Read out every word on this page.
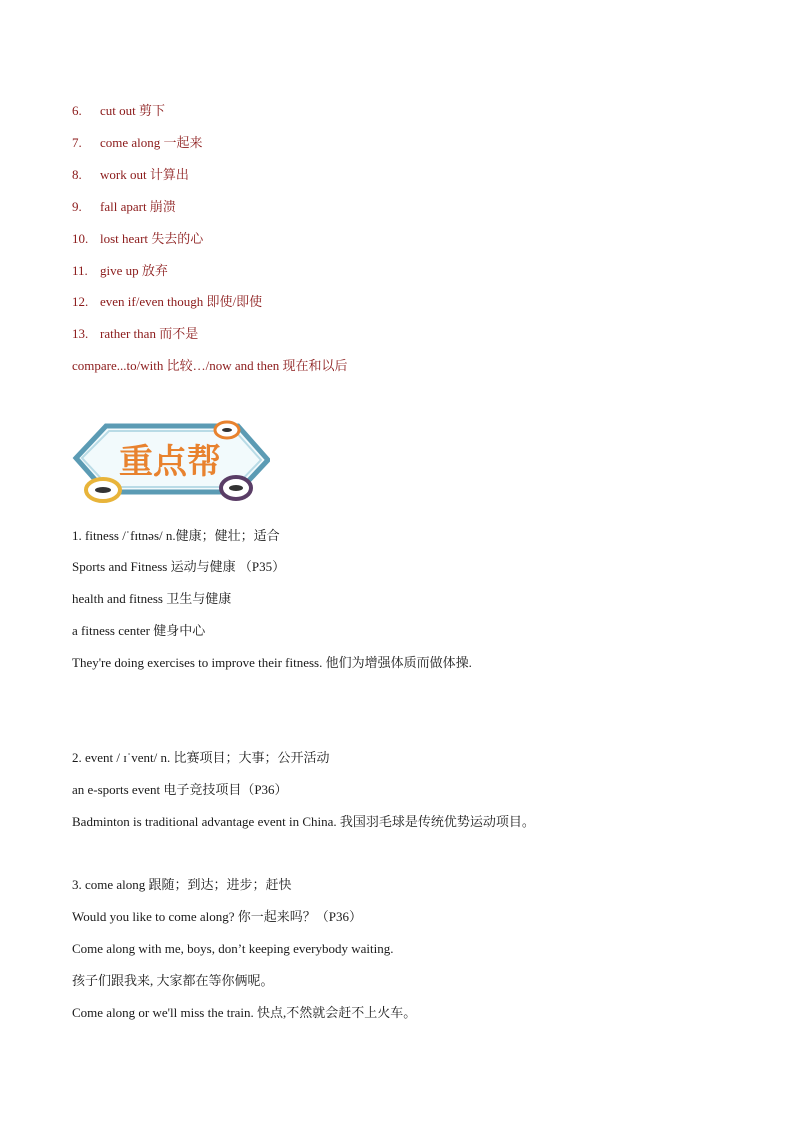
6. cut out 剪下
7. come along 一起来
8. work out 计算出
9. fall apart 崩溃
10. lost heart 失去的心
11. give up 放弃
12. even if/even though 即使/即使
13. rather than 而不是
compare...to/with 比较…/now and then 现在和以后
重点帮
1. fitness /ˈfɪtnəs/ n.健康；健壮；适合
Sports and Fitness 运动与健康 （P35）
health and fitness 卫生与健康
a fitness center 健身中心
They're doing exercises to improve their fitness. 他们为增强体质而做体操.
2. event / ɪˈvent/ n. 比赛项目；大事；公开活动
an e-sports event 电子竞技项目（P36）
Badminton is traditional advantage event in China. 我国羽毛球是传统优势运动项目。
3. come along 跟随；到达；进步；赶快
Would you like to come along? 你一起来吗？（P36）
Come along with me, boys, don’t keeping everybody waiting.
孩子们跟我来, 大家都在等你俩呢。
Come along or we'll miss the train. 快点,不然就会赶不上火车。
